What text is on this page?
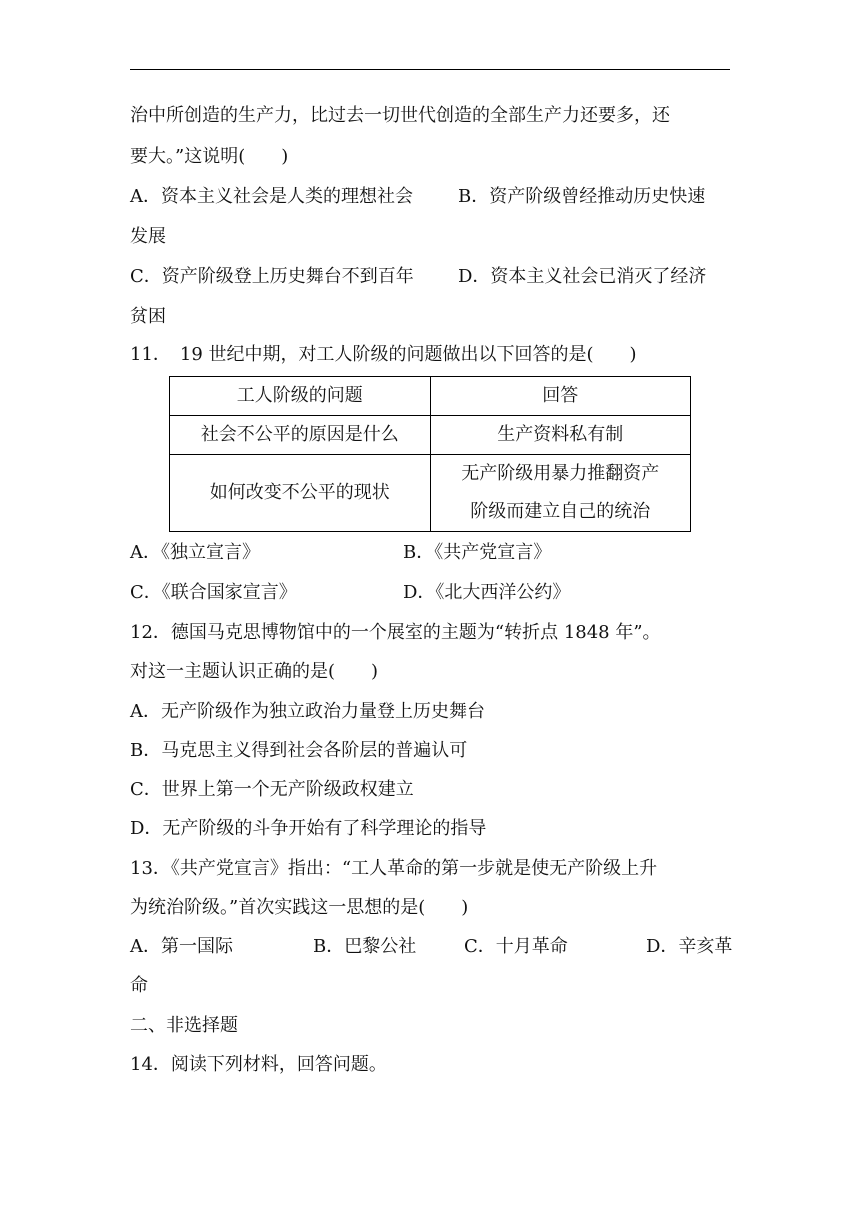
治中所创造的生产力，比过去一切世代创造的全部生产力还要多，还
要大。”这说明(　　)
A．资本主义社会是人类的理想社会	B．资产阶级曾经推动历史快速
发展
C．资产阶级登上历史舞台不到百年 D．资本主义社会已消灭了经济
贫困
11．　19 世纪中期，对工人阶级的问题做出以下回答的是(　　)
工人阶级的问题	回答
社会不公平的原因是什么	生产资料私有制
如何改变不公平的现状	无产阶级用暴力推翻资产
阶级而建立自己的统治
A．《独立宣言》	B．《共产党宣言》
C．《联合国家宣言》	D．《北大西洋公约》
12．德国马克思博物馆中的一个展室的主题为“转折点 1848 年”。
对这一主题认识正确的是(　　)
A．无产阶级作为独立政治力量登上历史舞台
B．马克思主义得到社会各阶层的普遍认可
C．世界上第一个无产阶级政权建立
D．无产阶级的斗争开始有了科学理论的指导
13．《共产党宣言》指出：“工人革命的第一步就是使无产阶级上升
为统治阶级。”首次实践这一思想的是(　　)
A．第一国际	B．巴黎公社	C．十月革命	D．辛亥革
命
二、非选择题
14．阅读下列材料，回答问题。
